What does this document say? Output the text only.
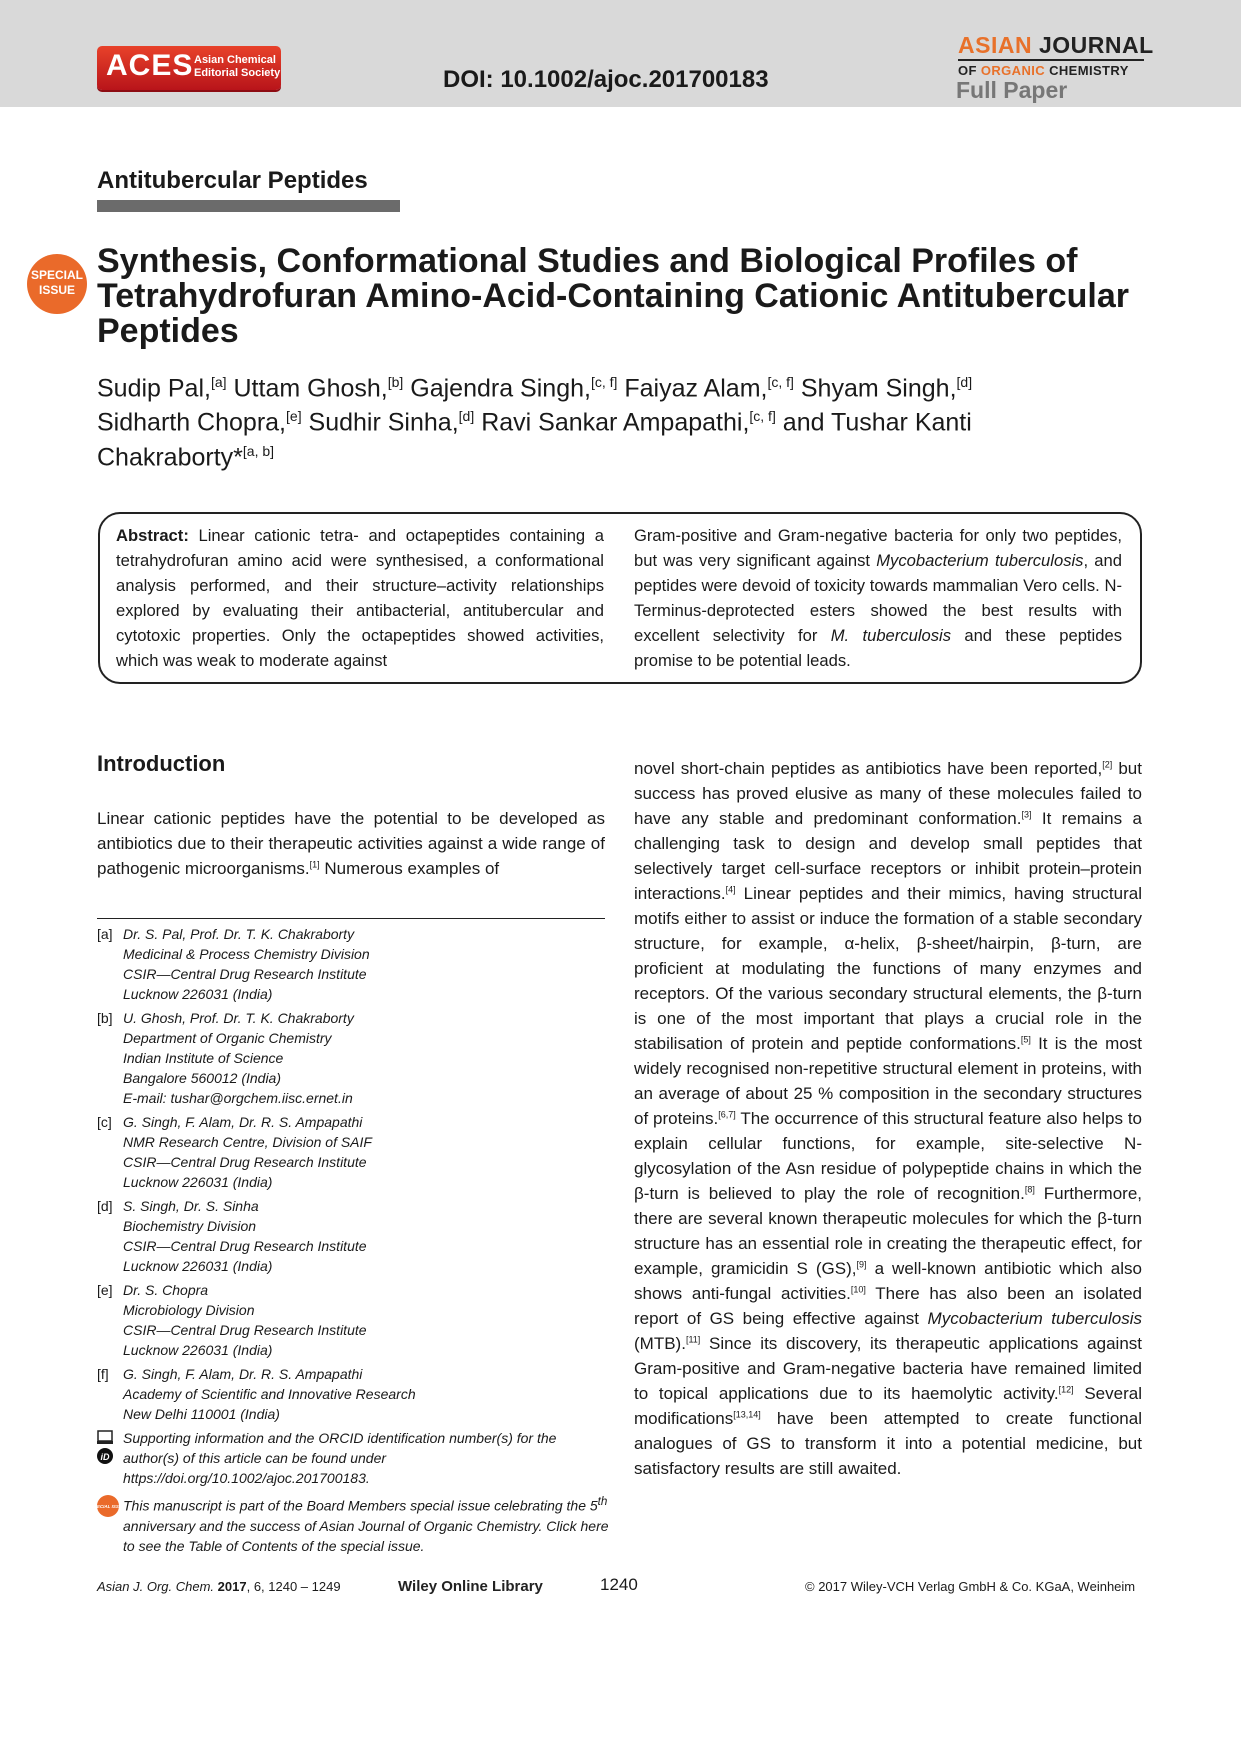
ACES Asian Chemical
Editorial Society	DOI: 10.1002/ajoc.201700183
ASIAN JOURNAL
OF ORGANIC CHEMISTRY
Full Paper
Antitubercular Peptides
SPECIAL
ISSUE
Synthesis, Conformational Studies and Biological Profiles of Tetrahydrofuran Amino-Acid-Containing Cationic Antitubercular Peptides
Sudip Pal,[a] Uttam Ghosh,[b] Gajendra Singh,[c, f] Faiyaz Alam,[c, f] Shyam Singh,[d] Sidharth Chopra,[e] Sudhir Sinha,[d] Ravi Sankar Ampapathi,[c, f] and Tushar Kanti Chakraborty*[a, b]
Abstract: Linear cationic tetra- and octapeptides containing a tetrahydrofuran amino acid were synthesised, a conformational analysis performed, and their structure–activity relationships explored by evaluating their antibacterial, antitubercular and cytotoxic properties. Only the octapeptides showed activities, which was weak to moderate against
Gram-positive and Gram-negative bacteria for only two peptides, but was very significant against Mycobacterium tuberculosis, and peptides were devoid of toxicity towards mammalian Vero cells. N-Terminus-deprotected esters showed the best results with excellent selectivity for M. tuberculosis and these peptides promise to be potential leads.
Introduction
Linear cationic peptides have the potential to be developed as antibiotics due to their therapeutic activities against a wide range of pathogenic microorganisms.[1] Numerous examples of
novel short-chain peptides as antibiotics have been reported,[2] but success has proved elusive as many of these molecules failed to have any stable and predominant conformation.[3] It remains a challenging task to design and develop small peptides that selectively target cell-surface receptors or inhibit protein–protein interactions.[4] Linear peptides and their mimics, having structural motifs either to assist or induce the formation of a stable secondary structure, for example, α-helix, β-sheet/hairpin, β-turn, are proficient at modulating the functions of many enzymes and receptors. Of the various secondary structural elements, the β-turn is one of the most important that plays a crucial role in the stabilisation of protein and peptide conformations.[5] It is the most widely recognised non-repetitive structural element in proteins, with an average of about 25 % composition in the secondary structures of proteins.[6,7] The occurrence of this structural feature also helps to explain cellular functions, for example, site-selective N-glycosylation of the Asn residue of polypeptide chains in which the β-turn is believed to play the role of recognition.[8] Furthermore, there are several known therapeutic molecules for which the β-turn structure has an essential role in creating the therapeutic effect, for example, gramicidin S (GS),[9] a well-known antibiotic which also shows anti-fungal activities.[10] There has also been an isolated report of GS being effective against Mycobacterium tuberculosis (MTB).[11] Since its discovery, its therapeutic applications against Gram-positive and Gram-negative bacteria have remained limited to topical applications due to its haemolytic activity.[12] Several modifications[13,14] have been attempted to create functional analogues of GS to transform it into a potential medicine, but satisfactory results are still awaited.
[a] Dr. S. Pal, Prof. Dr. T. K. Chakraborty
Medicinal & Process Chemistry Division
CSIR—Central Drug Research Institute
Lucknow 226031 (India)
[b] U. Ghosh, Prof. Dr. T. K. Chakraborty
Department of Organic Chemistry
Indian Institute of Science
Bangalore 560012 (India)
E-mail: tushar@orgchem.iisc.ernet.in
[c] G. Singh, F. Alam, Dr. R. S. Ampapathi
NMR Research Centre, Division of SAIF
CSIR—Central Drug Research Institute
Lucknow 226031 (India)
[d] S. Singh, Dr. S. Sinha
Biochemistry Division
CSIR—Central Drug Research Institute
Lucknow 226031 (India)
[e] Dr. S. Chopra
Microbiology Division
CSIR—Central Drug Research Institute
Lucknow 226031 (India)
[f] G. Singh, F. Alam, Dr. R. S. Ampapathi
Academy of Scientific and Innovative Research
New Delhi 110001 (India)
iD
Supporting information and the ORCID identification number(s) for the author(s) of this article can be found under https://doi.org/10.1002/ajoc.201700183.
SPECIAL ISSUE
This manuscript is part of the Board Members special issue celebrating the 5th anniversary and the success of Asian Journal of Organic Chemistry. Click here to see the Table of Contents of the special issue.
Asian J. Org. Chem. 2017, 6, 1240 – 1249	Wiley Online Library	1240	© 2017 Wiley-VCH Verlag GmbH & Co. KGaA, Weinheim
